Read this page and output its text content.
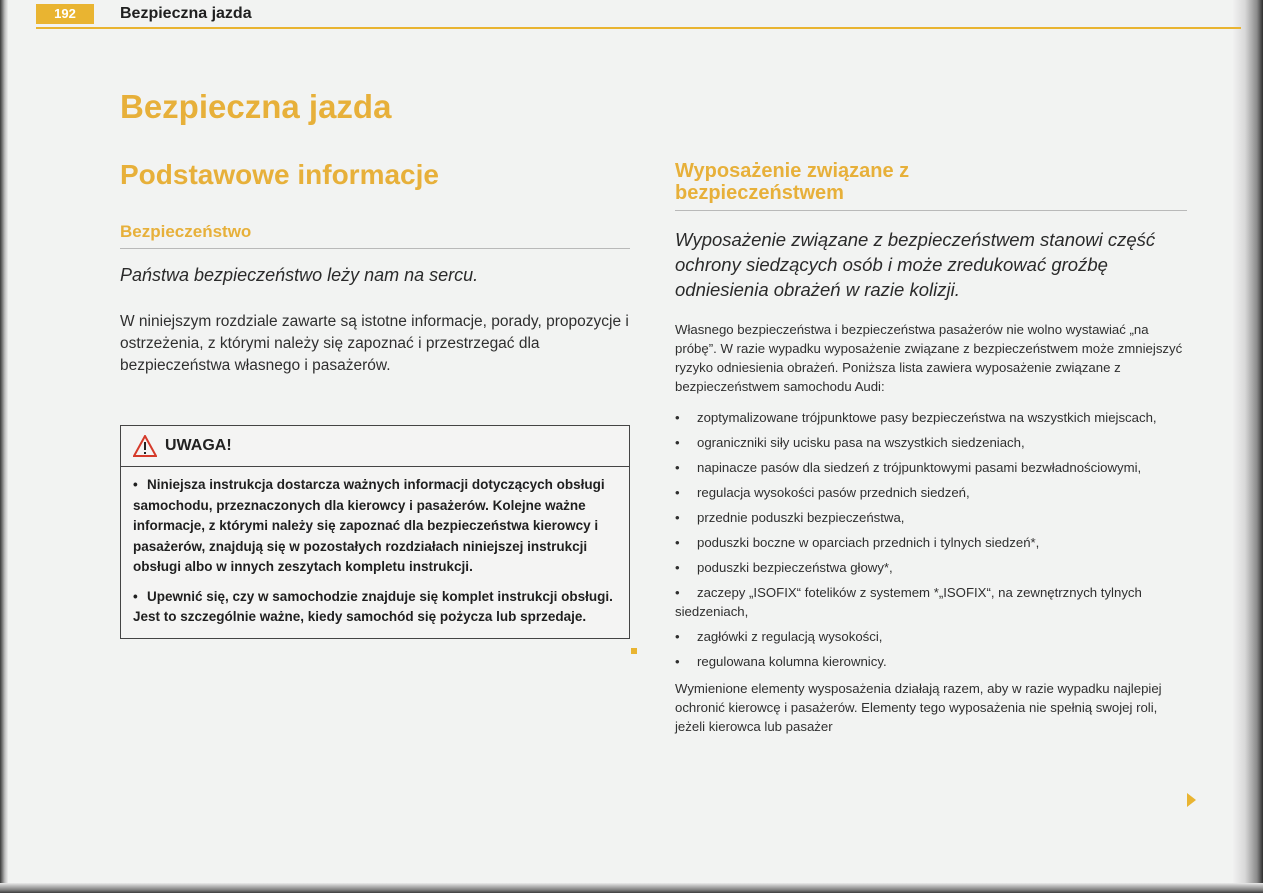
192	Bezpieczna jazda
Bezpieczna jazda
Podstawowe informacje
Bezpieczeństwo

Państwa bezpieczeństwo leży nam na sercu.

W niniejszym rozdziale zawarte są istotne informacje, porady, propozycje i ostrzeżenia, z którymi należy się zapoznać i przestrzegać dla bezpieczeństwa własnego i pasażerów.

UWAGA!

• Niniejsza instrukcja dostarcza ważnych informacji dotyczących obsługi samochodu, przeznaczonych dla kierowcy i pasażerów. Kolejne ważne informacje, z którymi należy się zapoznać dla bezpieczeństwa kierowcy i pasażerów, znajdują się w pozostałych rozdziałach niniejszej instrukcji obsługi albo w innych zeszytach kompletu instrukcji.

• Upewnić się, czy w samochodzie znajduje się komplet instrukcji obsługi. Jest to szczególnie ważne, kiedy samochód się pożycza lub sprzedaje.

Wyposażenie związane z
bezpieczeństwem

Wyposażenie związane z bezpieczeństwem stanowi część ochrony siedzących osób i może zredukować groźbę odniesienia obrażeń w razie kolizji.

Własnego bezpieczeństwa i bezpieczeństwa pasażerów nie wolno wystawiać „na próbę”. W razie wypadku wyposażenie związane z bezpieczeństwem może zmniejszyć ryzyko odniesienia obrażeń. Poniższa lista zawiera wyposażenie związane z bezpieczeństwem samochodu Audi:

• zoptymalizowane trójpunktowe pasy bezpieczeństwa na wszystkich miejscach,
• ograniczniki siły ucisku pasa na wszystkich siedzeniach,
• napinacze pasów dla siedzeń z trójpunktowymi pasami bezwładnościowymi,
• regulacja wysokości pasów przednich siedzeń,
• przednie poduszki bezpieczeństwa,
• poduszki boczne w oparciach przednich i tylnych siedzeń*,
• poduszki bezpieczeństwa głowy*,
• zaczepy „ISOFIX“ fotelików z systemem *„ISOFIX“, na zewnętrznych tylnych siedzeniach,
• zagłówki z regulacją wysokości,
• regulowana kolumna kierownicy.

Wymienione elementy wysposażenia działają razem, aby w razie wypadku najlepiej ochronić kierowcę i pasażerów. Elementy tego wyposażenia nie spełnią swojej roli, jeżeli kierowca lub pasażer
